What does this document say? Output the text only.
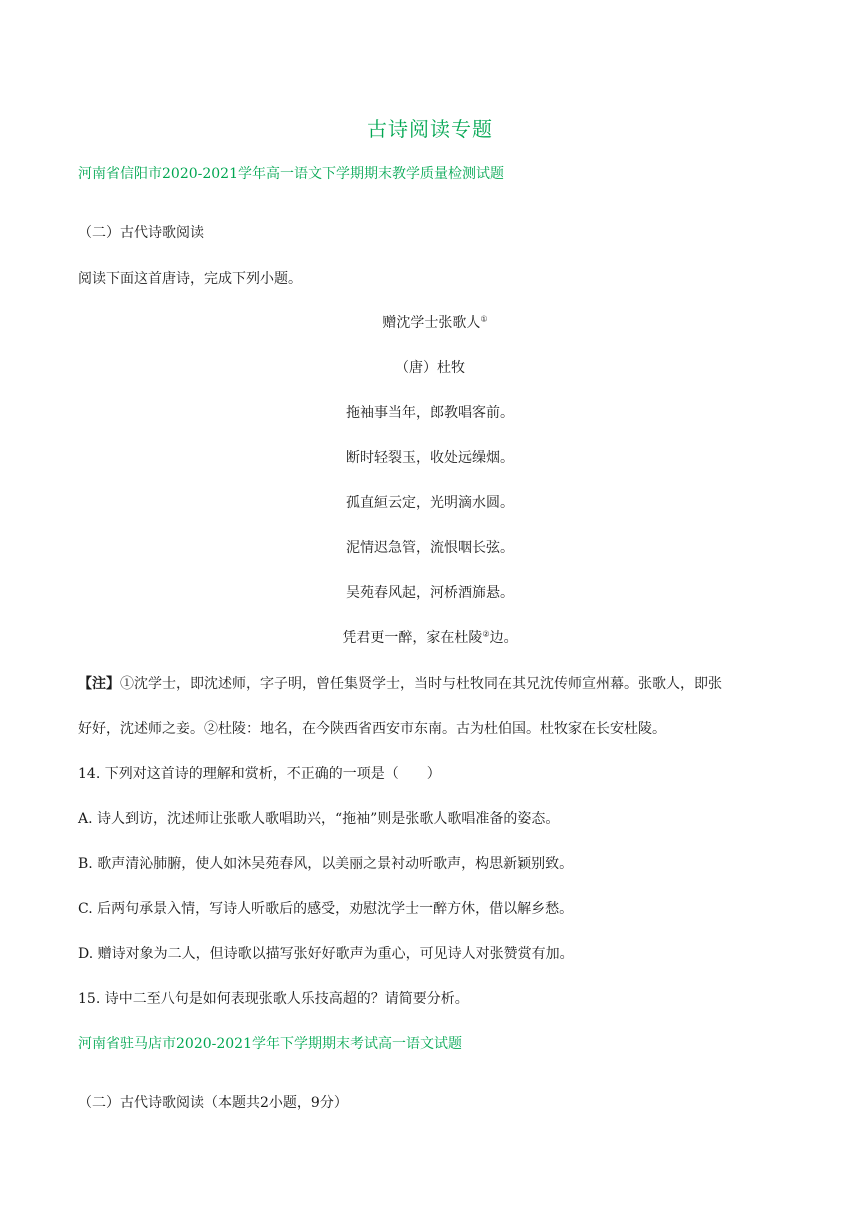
古诗阅读专题
河南省信阳市2020-2021学年高一语文下学期期末教学质量检测试题
（二）古代诗歌阅读
阅读下面这首唐诗，完成下列小题。
赠沈学士张歌人①
（唐）杜牧
拖袖事当年，郎教唱客前。
断时轻裂玉，收处远缲烟。
孤直絙云定，光明滴水圆。
泥情迟急管，流恨咽长弦。
吴苑春风起，河桥酒旆悬。
凭君更一醉，家在杜陵②边。
【注】①沈学士，即沈述师，字子明，曾任集贤学士，当时与杜牧同在其兄沈传师宣州幕。张歌人，即张
好好，沈述师之妾。②杜陵：地名，在今陕西省西安市东南。古为杜伯国。杜牧家在长安杜陵。
14. 下列对这首诗的理解和赏析，不正确的一项是（　　）
A. 诗人到访，沈述师让张歌人歌唱助兴，“拖袖”则是张歌人歌唱准备的姿态。
B. 歌声清沁肺腑，使人如沐吴苑春风，以美丽之景衬动听歌声，构思新颖别致。
C. 后两句承景入情，写诗人听歌后的感受，劝慰沈学士一醉方休，借以解乡愁。
D. 赠诗对象为二人，但诗歌以描写张好好歌声为重心，可见诗人对张赞赏有加。
15. 诗中二至八句是如何表现张歌人乐技高超的？请简要分析。
河南省驻马店市2020-2021学年下学期期末考试高一语文试题
（二）古代诗歌阅读（本题共2小题，9分）
